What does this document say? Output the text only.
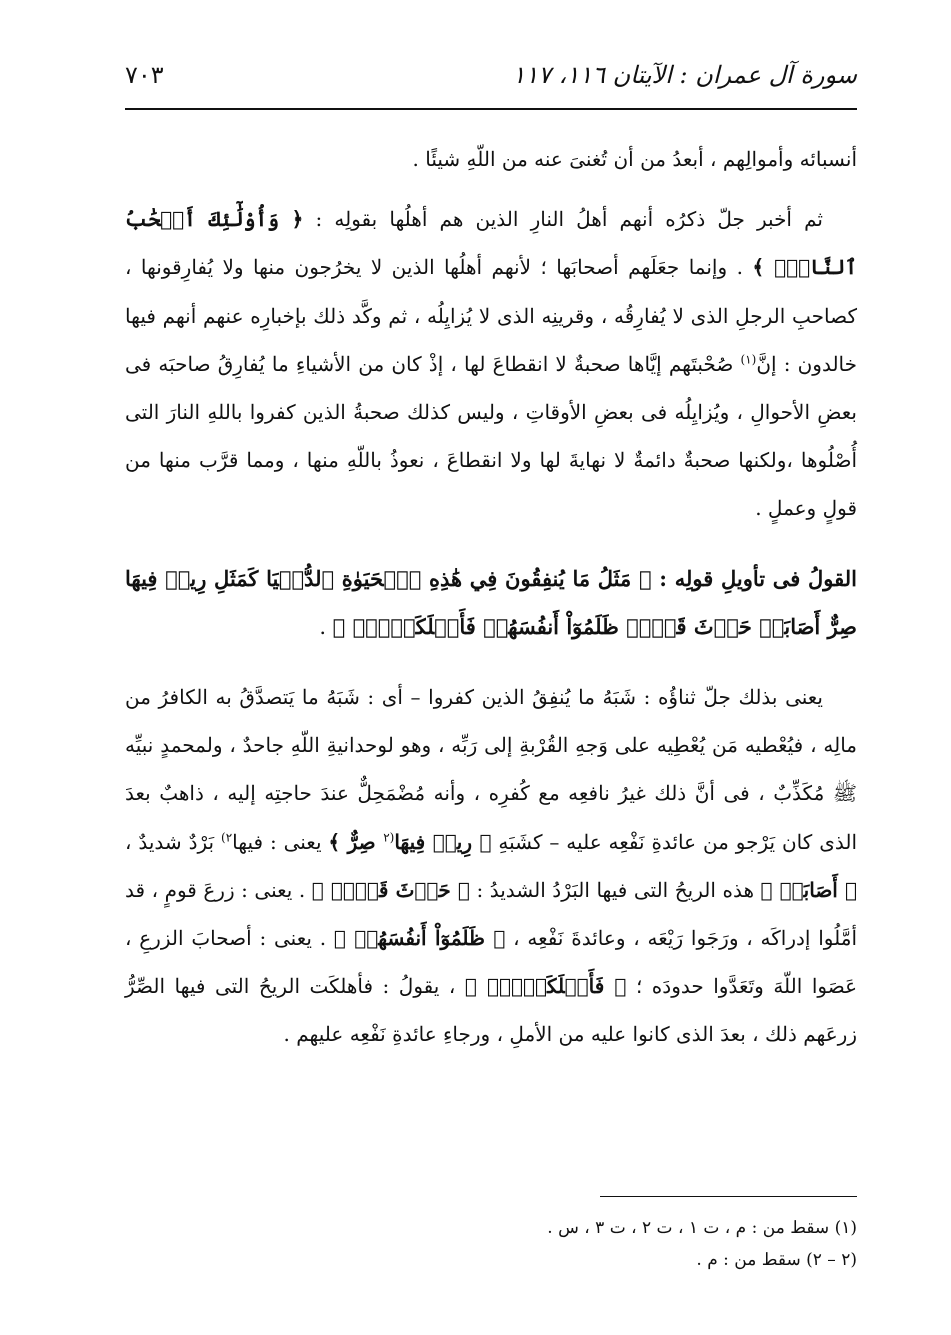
سورة آل عمران : الآيتان ١١٦، ١١٧
٧٠٣

أنسبائه وأموالِهم ، أبعدُ من أن تُغنىَ عنه من اللّهِ شيئًا .

ثم أخبر جلّ ذكرُه أنهم أهلُ النارِ الذين هم أهلُها بقولِه : ﴿ وَأُوْلَٰٓئِكَ أَصۡحَٰبُ ٱلنَّارِۖ ﴾ . وإنما جعَلَهم أصحابَها ؛ لأنهم أهلُها الذين لا يخرُجون منها ولا يُفارِقونها ، كصاحبِ الرجلِ الذى لا يُفارِقُه ، وقرينِه الذى لا يُزايِلُه ، ثم وكَّد ذلك بإخبارِه عنهم أنهم فيها خالدون : إنَّ$^{(١)}$ صُحْبتَهم إيَّاها صحبةٌ لا انقطاعَ لها ، إذْ كان من الأشياءِ ما يُفارِقُ صاحبَه فى بعضِ الأحوالِ ، ويُزايِلُه فى بعضِ الأوقاتِ ، وليس كذلك صحبةُ الذين كفروا باللهِ النارَ التى أُصْلُوها ،ولكنها صحبةٌ دائمةٌ لا نهايةَ لها ولا انقطاعَ ، نعوذُ باللّهِ منها ، ومما قرَّب منها من قولٍ وعملٍ .

القولُ فى تأويلِ قولِه : ﴿ مَثَلُ مَا يُنفِقُونَ فِي هَٰذِهِ ٱلۡحَيَوٰةِ ٱلدُّنۡيَا كَمَثَلِ رِيحٖ فِيهَا صِرٌّ أَصَابَتۡ حَرۡثَ قَوۡمٖ ظَلَمُوٓاْ أَنفُسَهُمۡ فَأَهۡلَكَتۡهُۚ ﴾ .

يعنى بذلك جلّ ثناؤُه : شَبَهُ ما يُنفِقُ الذين كفروا – أى : شَبَهُ ما يَتصدَّقُ به الكافرُ من مالِه ، فيُعْطيه مَن يُعْطِيه على وَجهِ القُرْبةِ إلى رَبِّه ، وهو لوحدانيةِ اللّهِ جاحدٌ ، ولمحمدٍ نبيِّه ﷺ مُكَذِّبٌ ، فى أنَّ ذلك غيرُ نافعِه مع كُفرِه ، وأنه مُضْمَحِلٌّ عندَ حاجتِه إليه ، ذاهبٌ بعدَ الذى كان يَرْجو من عائدةِ نَفْعِه عليه – كشَبَهِ ﴿ رِيحٖ فِيهَا$^{(٢}$ صِرٌّ ﴾ يعنى : فيها$^{٢)}$ بَرْدٌ شديدٌ ، ﴿ أَصَابَتۡ ﴾ هذه الريحُ التى فيها البَرْدُ الشديدُ : ﴿ حَرۡثَ قَوۡمٖ ﴾ . يعنى : زرعَ قومٍ ، قد أمَّلُوا إدراكَه ، ورَجَوا رَيْعَه ، وعائدةَ نَفْعِه ، ﴿ ظَلَمُوٓاْ أَنفُسَهُمۡ ﴾ . يعنى : أصحابَ الزرعِ ، عَصَوا اللّهَ وتَعَدَّوا حدودَه ؛ ﴿ فَأَهۡلَكَتۡهُۚ ﴾ ، يقولُ : فأهلكَت الريحُ التى فيها الصِّرُّ زرعَهم ذلك ، بعدَ الذى كانوا عليه من الأملِ ، ورجاءِ عائدةِ نَفْعِه عليهم .

(١) سقط من : م ، ت ١ ، ت ٢ ، ت ٣ ، س .

(٢ – ٢) سقط من : م .
